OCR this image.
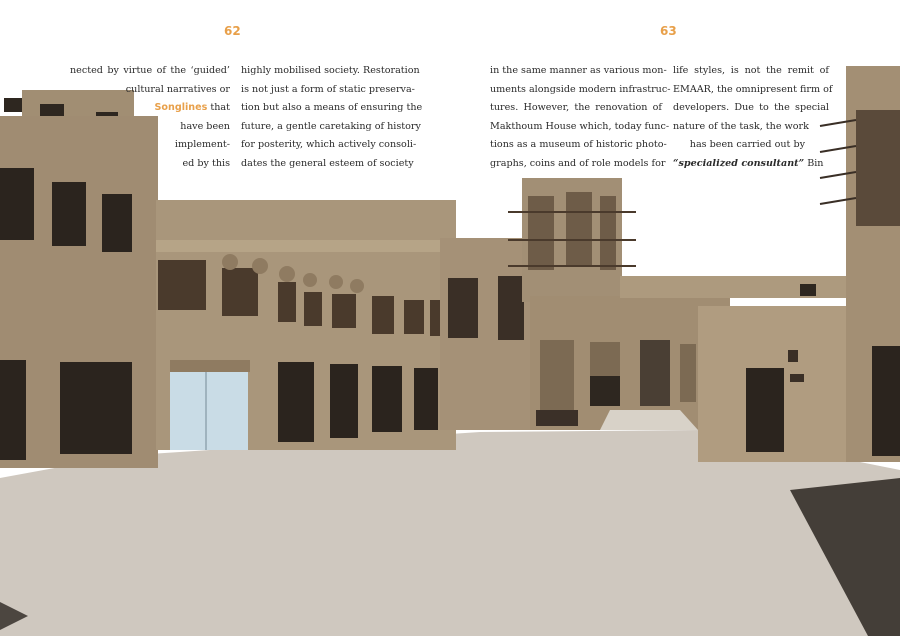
62	63
nected by virtue of the ‘guided’
cultural narratives or
Songlines that
have been
implement-
ed by this
highly mobilised society. Restoration
is not just a form of static preserva-
tion but also a means of ensuring the
future, a gentle caretaking of history
for posterity, which actively consoli-
dates the general esteem of society
in the same manner as various mon-
uments alongside modern infrastruc-
tures. However, the renovation of
Makthoum House which, today func-
tions as a museum of historic photo-
graphs, coins and of role models for
life styles, is not the remit of
EMAAR, the omnipresent firm of
developers. Due to the special
nature of the task, the work
has been carried out by
“specialized consultant” Bin
